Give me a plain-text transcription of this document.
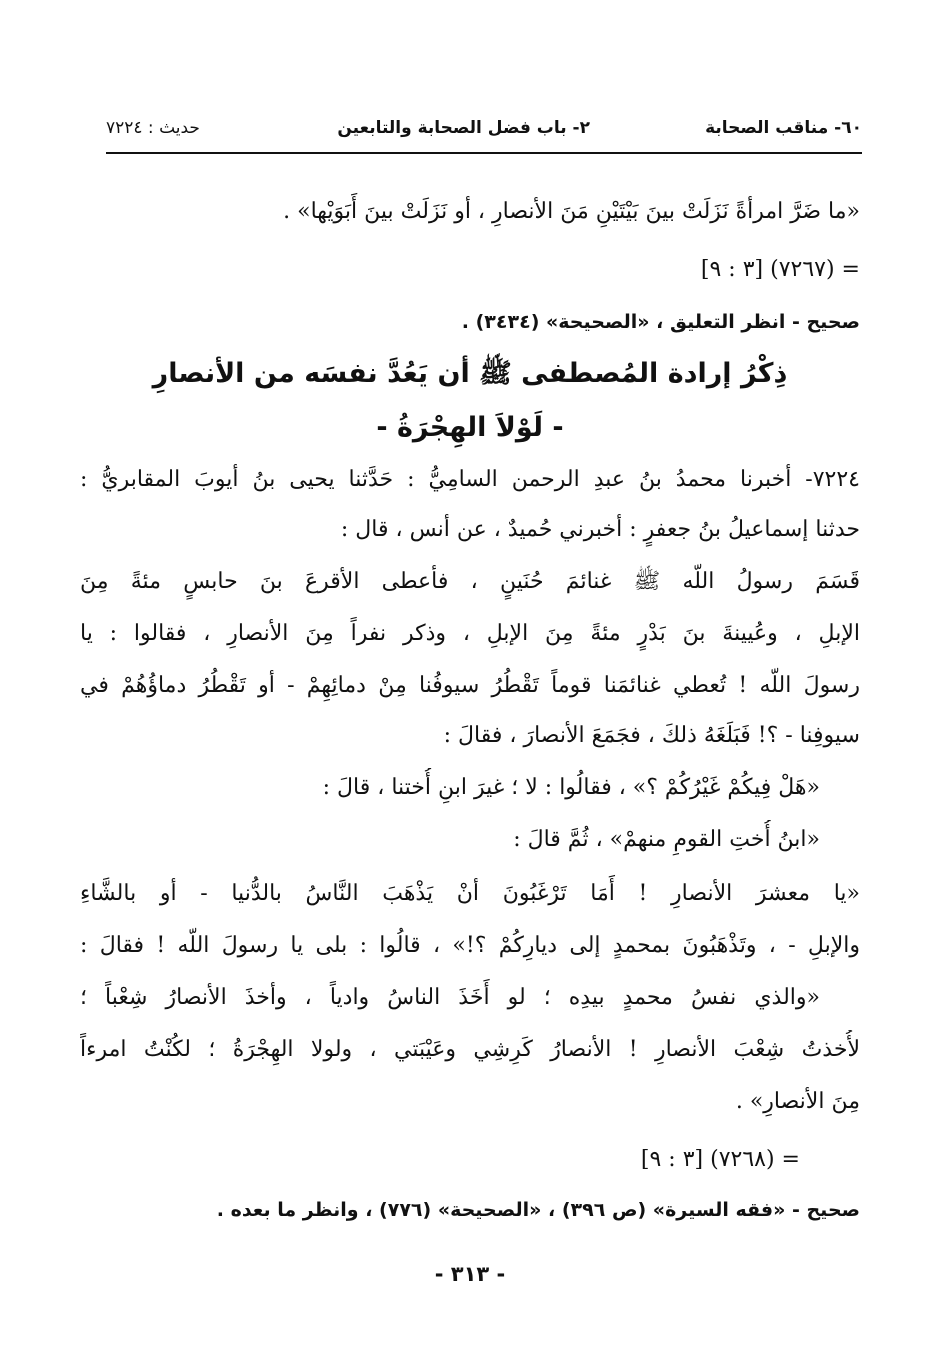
٦٠- مناقب الصحابة
٢- باب فضل الصحابة والتابعين
حديث : ٧٢٢٤
«ما ضَرَّ امرأةً نَزَلَتْ بينَ بَيْتَيْنِ مَنَ الأنصارِ ، أو نَزَلَتْ بينَ أَبَوَيْها» .
= (٧٢٦٧) [٣ : ٩]
صحيح - انظر التعليق ، «الصحيحة» (٣٤٣٤) .
ذِكْرُ إرادة المُصطفى ﷺ أن يَعُدَّ نفسَه من الأنصارِ
- لَوْلاَ الهِجْرَةُ -
٧٢٢٤- أخبرنا محمدُ بنُ عبدِ الرحمن السامِيُّ : حَدَّثنا يحيى بنُ أيوبَ المقابريُّ :
حدثنا إسماعيلُ بنُ جعفرٍ : أخبرني حُميدٌ ، عن أنس ، قال :
قَسَمَ رسولُ اللّه ﷺ غنائمَ حُنَينٍ ، فأعطى الأقرعَ بنَ حابسٍ مئةً مِنَ
الإبلِ ، وعُيينةَ بنَ بَدْرٍ مئةً مِنَ الإبلِ ، وذكر نفراً مِنَ الأنصارِ ، فقالوا : يا
رسولَ اللّه ! تُعطي غنائمَنا قوماً تَقْطُرُ سيوفُنا مِنْ دمائِهِمْ - أو تَقْطُرُ دماؤُهُمْ في
سيوفِنا - ؟! فَبَلَغَهُ ذلكَ ، فجَمَعَ الأنصارَ ، فقالَ :
«هَلْ فِيكُمْ غَيْرُكُمْ ؟» ، فقالُوا : لا ؛ غيرَ ابنِ أُختنا ، قالَ :
«ابنُ أُختِ القومِ منهمْ» ، ثُمَّ قالَ :
«يا معشرَ الأنصارِ ! أَمَا تَرْغَبُونَ أنْ يَذْهَبَ النَّاسُ بالدُّنيا - أو بالشَّاءِ
والإبلِ - ، وتَذْهَبُونَ بمحمدٍ إلى ديارِكُمْ ؟!» ، قالُوا : بلى يا رسولَ اللّه ! فقالَ :
«والذي نفسُ محمدٍ بيدِه ؛ لو أَخَذَ الناسُ وادياً ، وأخذَ الأنصارُ شِعْباً ؛
لأُخذتُ شِعْبَ الأنصارِ ! الأنصارُ كَرِشِي وعَيْبَتي ، ولولا الهِجْرَةُ ؛ لكُنْتُ امرءاً
مِنَ الأنصارِ» .
= (٧٢٦٨) [٣ : ٩]
صحيح - «فقه السيرة» (ص ٣٩٦) ، «الصحيحة» (٧٧٦) ، وانظر ما بعده .
- ٣١٣ -
